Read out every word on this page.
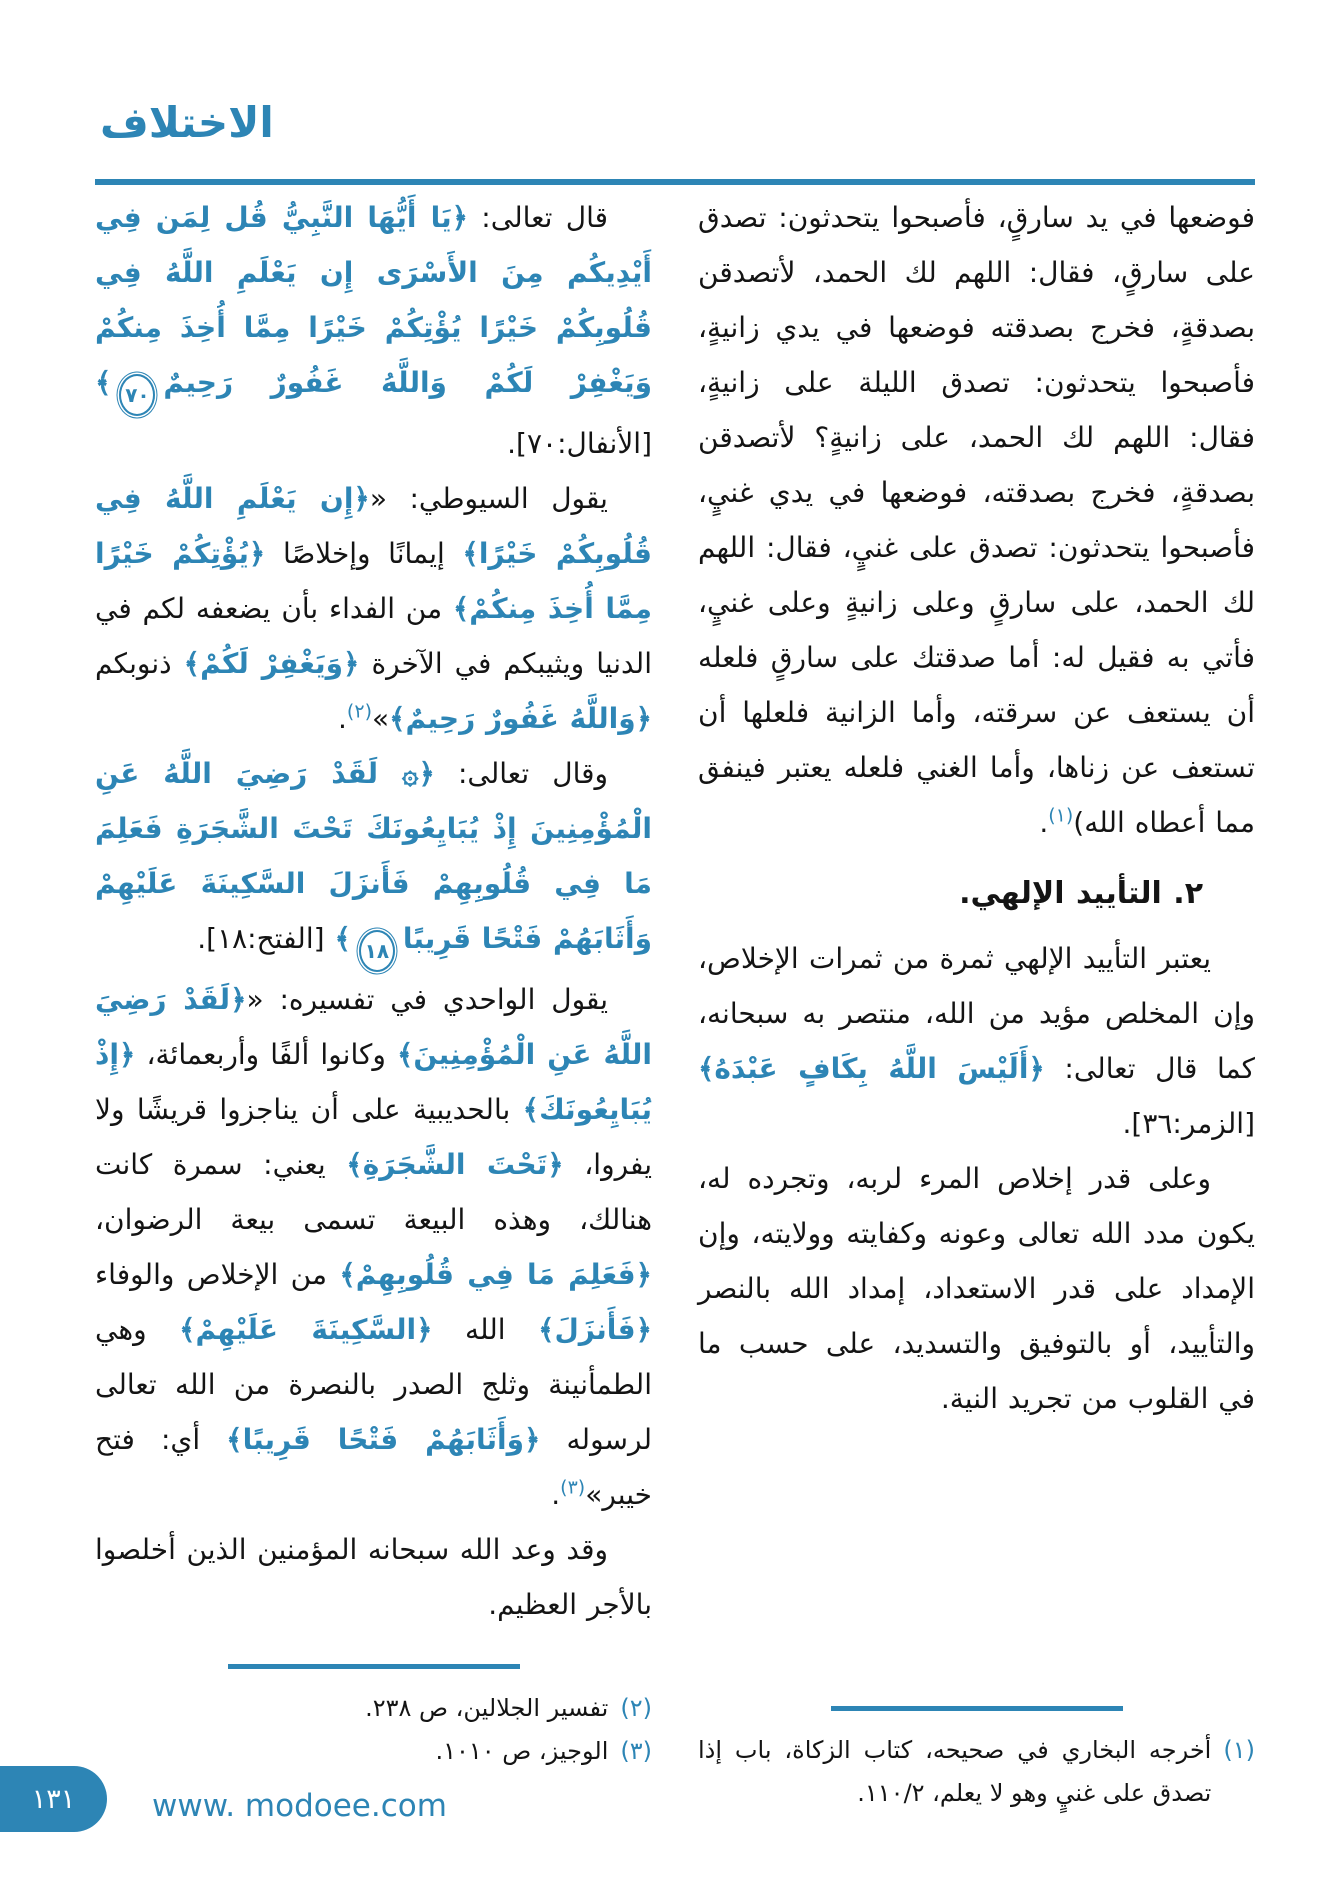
الاختلاف

فوضعها في يد سارقٍ، فأصبحوا يتحدثون: تصدق على سارقٍ، فقال: اللهم لك الحمد، لأتصدقن بصدقةٍ، فخرج بصدقته فوضعها في يدي زانيةٍ، فأصبحوا يتحدثون: تصدق الليلة على زانيةٍ، فقال: اللهم لك الحمد، على زانيةٍ؟ لأتصدقن بصدقةٍ، فخرج بصدقته، فوضعها في يدي غنيٍ، فأصبحوا يتحدثون: تصدق على غنيٍ، فقال: اللهم لك الحمد، على سارقٍ وعلى زانيةٍ وعلى غنيٍ، فأتي به فقيل له: أما صدقتك على سارقٍ فلعله أن يستعف عن سرقته، وأما الزانية فلعلها أن تستعف عن زناها، وأما الغني فلعله يعتبر فينفق مما أعطاه الله)$^{(١)}$.

٢. التأييد الإلهي.

يعتبر التأييد الإلهي ثمرة من ثمرات الإخلاص، وإن المخلص مؤيد من الله، منتصر به سبحانه، كما قال تعالى: ﴿أَلَيْسَ اللَّهُ بِكَافٍ عَبْدَهُ﴾ [الزمر:٣٦].

وعلى قدر إخلاص المرء لربه، وتجرده له، يكون مدد الله تعالى وعونه وكفايته وولايته، وإن الإمداد على قدر الاستعداد، إمداد الله بالنصر والتأييد، أو بالتوفيق والتسديد، على حسب ما في القلوب من تجريد النية.

(١)
أخرجه البخاري في صحيحه، كتاب الزكاة، باب إذا تصدق على غنيٍ وهو لا يعلم، ١١٠/٢.

قال تعالى: ﴿يَا أَيُّهَا النَّبِيُّ قُل لِمَن فِي أَيْدِيكُم مِنَ الأَسْرَى إِن يَعْلَمِ اللَّهُ فِي قُلُوبِكُمْ خَيْرًا يُؤْتِكُمْ خَيْرًا مِمَّا أُخِذَ مِنكُمْ وَيَغْفِرْ لَكُمْ وَاللَّهُ غَفُورٌ رَحِيمٌ٧٠﴾ [الأنفال:٧٠].

يقول السيوطي: «﴿إِن يَعْلَمِ اللَّهُ فِي قُلُوبِكُمْ خَيْرًا﴾ إيمانًا وإخلاصًا ﴿يُؤْتِكُمْ خَيْرًا مِمَّا أُخِذَ مِنكُمْ﴾ من الفداء بأن يضعفه لكم في الدنيا ويثيبكم في الآخرة ﴿وَيَغْفِرْ لَكُمْ﴾ ذنوبكم ﴿وَاللَّهُ غَفُورٌ رَحِيمٌ﴾»$^{(٢)}$.

وقال تعالى: ﴿۞ لَقَدْ رَضِيَ اللَّهُ عَنِ الْمُؤْمِنِينَ إِذْ يُبَايِعُونَكَ تَحْتَ الشَّجَرَةِ فَعَلِمَ مَا فِي قُلُوبِهِمْ فَأَنزَلَ السَّكِينَةَ عَلَيْهِمْ وَأَثَابَهُمْ فَتْحًا قَرِيبًا١٨﴾ [الفتح:١٨].

يقول الواحدي في تفسيره: «﴿لَقَدْ رَضِيَ اللَّهُ عَنِ الْمُؤْمِنِينَ﴾ وكانوا ألفًا وأربعمائة، ﴿إِذْ يُبَايِعُونَكَ﴾ بالحديبية على أن يناجزوا قريشًا ولا يفروا، ﴿تَحْتَ الشَّجَرَةِ﴾ يعني: سمرة كانت هنالك، وهذه البيعة تسمى بيعة الرضوان، ﴿فَعَلِمَ مَا فِي قُلُوبِهِمْ﴾ من الإخلاص والوفاء ﴿فَأَنزَلَ﴾ الله ﴿السَّكِينَةَ عَلَيْهِمْ﴾ وهي الطمأنينة وثلج الصدر بالنصرة من الله تعالى لرسوله ﴿وَأَثَابَهُمْ فَتْحًا قَرِيبًا﴾ أي: فتح خيبر»$^{(٣)}$.

وقد وعد الله سبحانه المؤمنين الذين أخلصوا بالأجر العظيم.

(٢)
تفسير الجلالين، ص ٢٣٨.
(٣)
الوجيز، ص ١٠١٠.
١٣١ www. modoee.com
